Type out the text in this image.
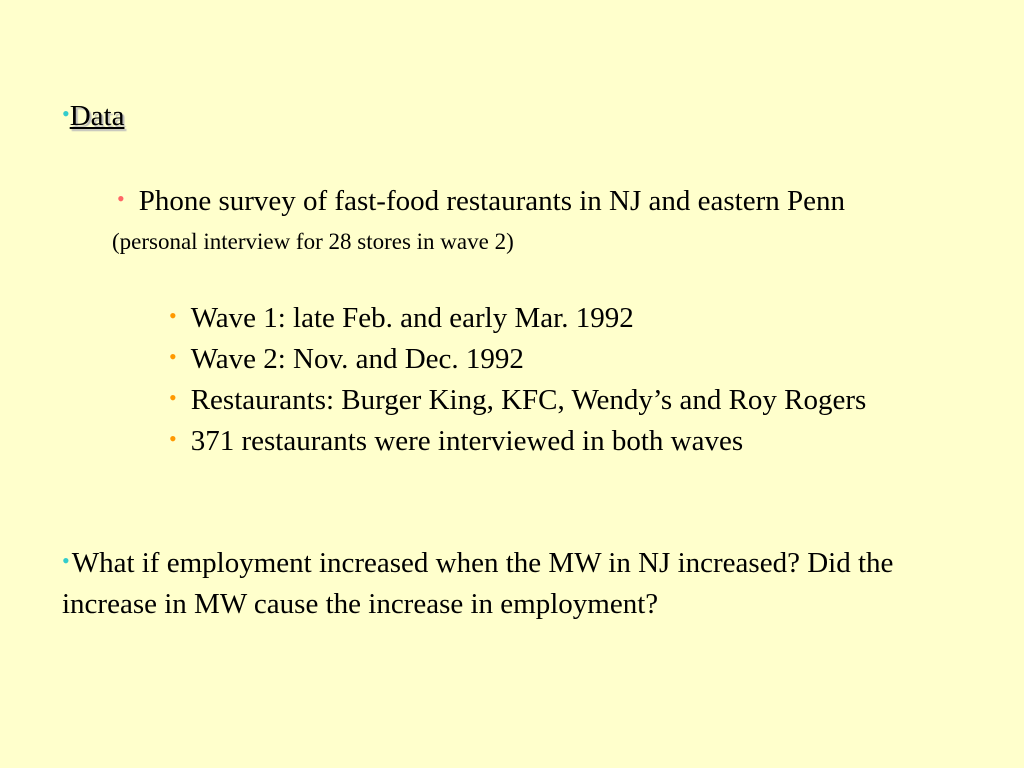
•Data
• Phone survey of fast-food restaurants in NJ and eastern Penn (personal interview for 28 stores in wave 2)
• Wave 1: late Feb. and early Mar. 1992
• Wave 2: Nov. and Dec. 1992
• Restaurants: Burger King, KFC, Wendy’s and Roy Rogers
• 371 restaurants were interviewed in both waves
•What if employment increased when the MW in NJ increased? Did the increase in MW cause the increase in employment?
